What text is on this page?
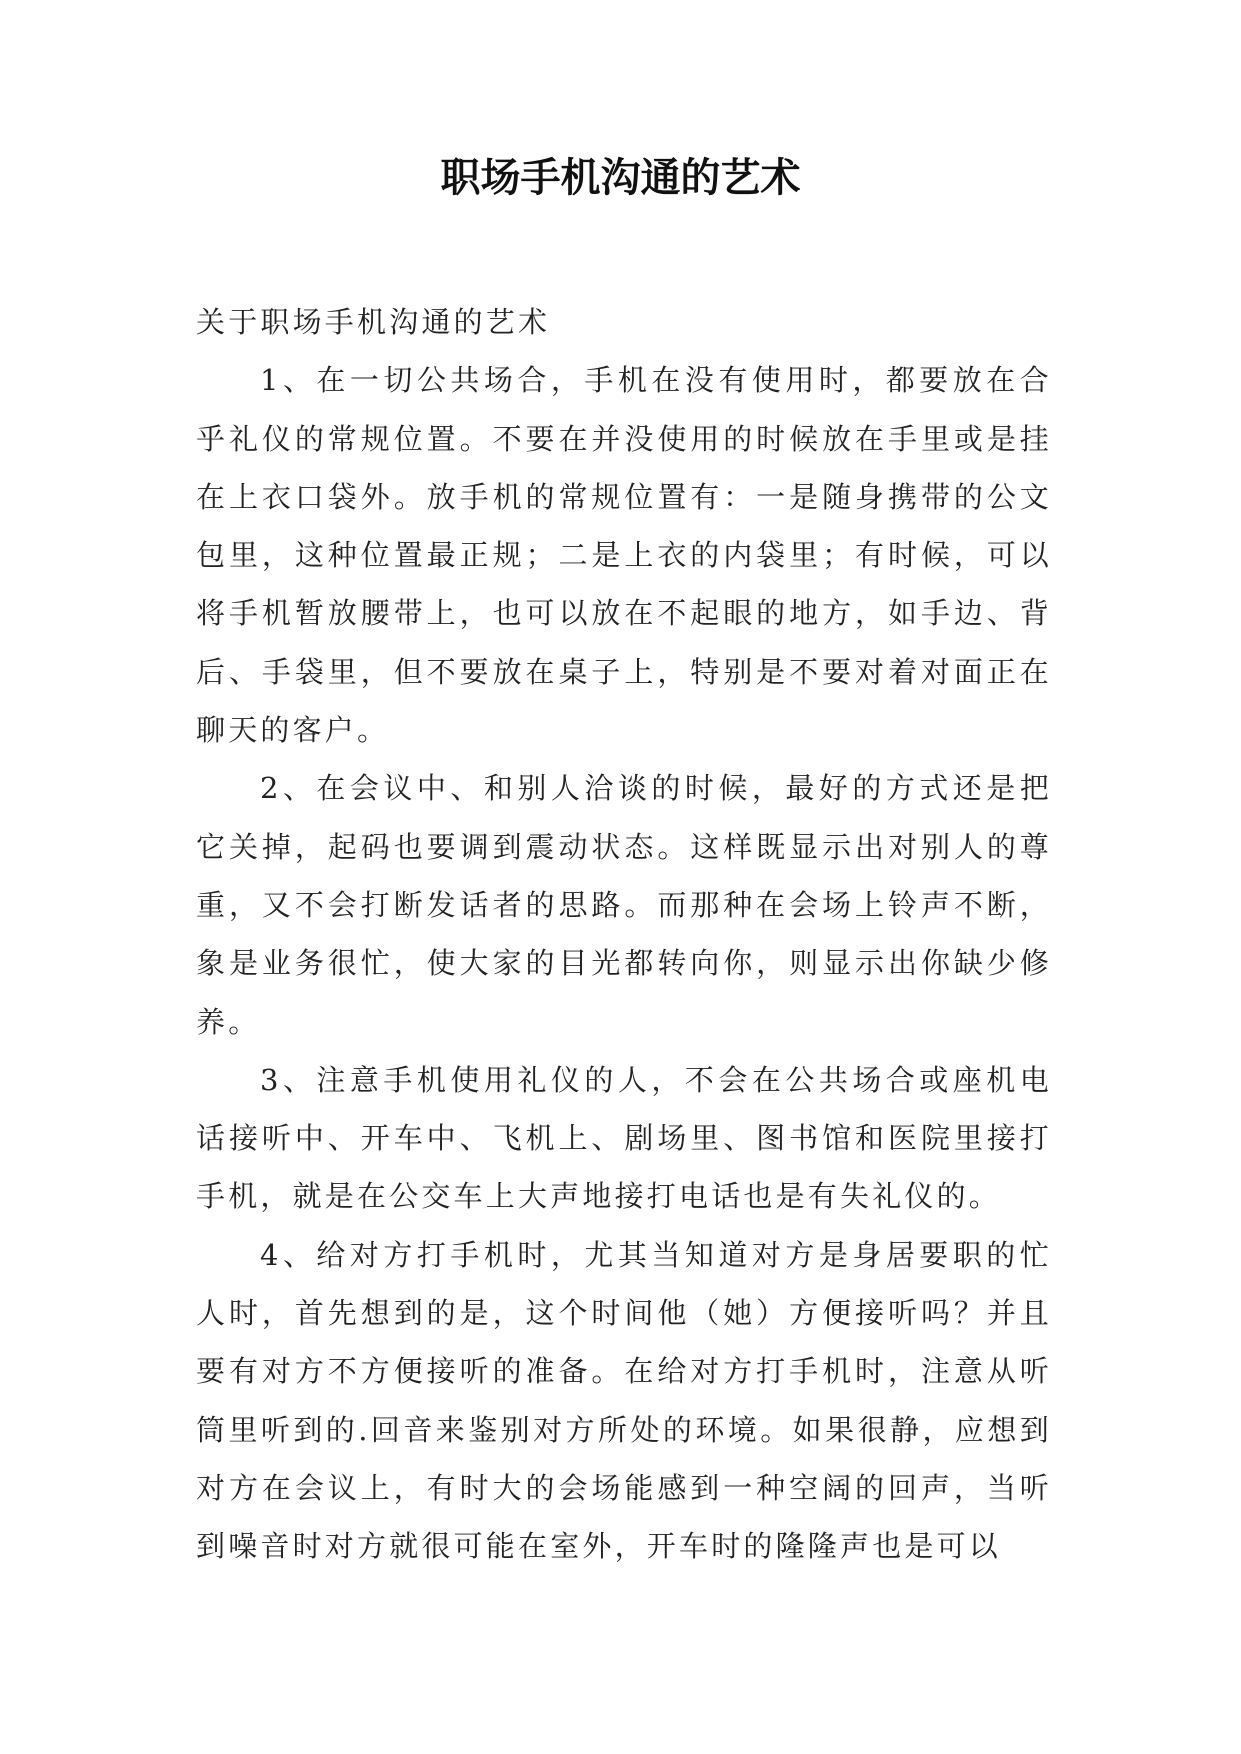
职场手机沟通的艺术

关于职场手机沟通的艺术

1、在一切公共场合，手机在没有使用时，都要放在合乎礼仪的常规位置。不要在并没使用的时候放在手里或是挂在上衣口袋外。放手机的常规位置有：一是随身携带的公文包里，这种位置最正规；二是上衣的内袋里；有时候，可以将手机暂放腰带上，也可以放在不起眼的地方，如手边、背后、手袋里，但不要放在桌子上，特别是不要对着对面正在聊天的客户。

2、在会议中、和别人洽谈的时候，最好的方式还是把它关掉，起码也要调到震动状态。这样既显示出对别人的尊重，又不会打断发话者的思路。而那种在会场上铃声不断，象是业务很忙，使大家的目光都转向你，则显示出你缺少修养。

3、注意手机使用礼仪的人，不会在公共场合或座机电话接听中、开车中、飞机上、剧场里、图书馆和医院里接打手机，就是在公交车上大声地接打电话也是有失礼仪的。

4、给对方打手机时，尤其当知道对方是身居要职的忙人时，首先想到的是，这个时间他（她）方便接听吗？并且要有对方不方便接听的准备。在给对方打手机时，注意从听筒里听到的.回音来鉴别对方所处的环境。如果很静，应想到对方在会议上，有时大的会场能感到一种空阔的回声，当听到噪音时对方就很可能在室外，开车时的隆隆声也是可以
